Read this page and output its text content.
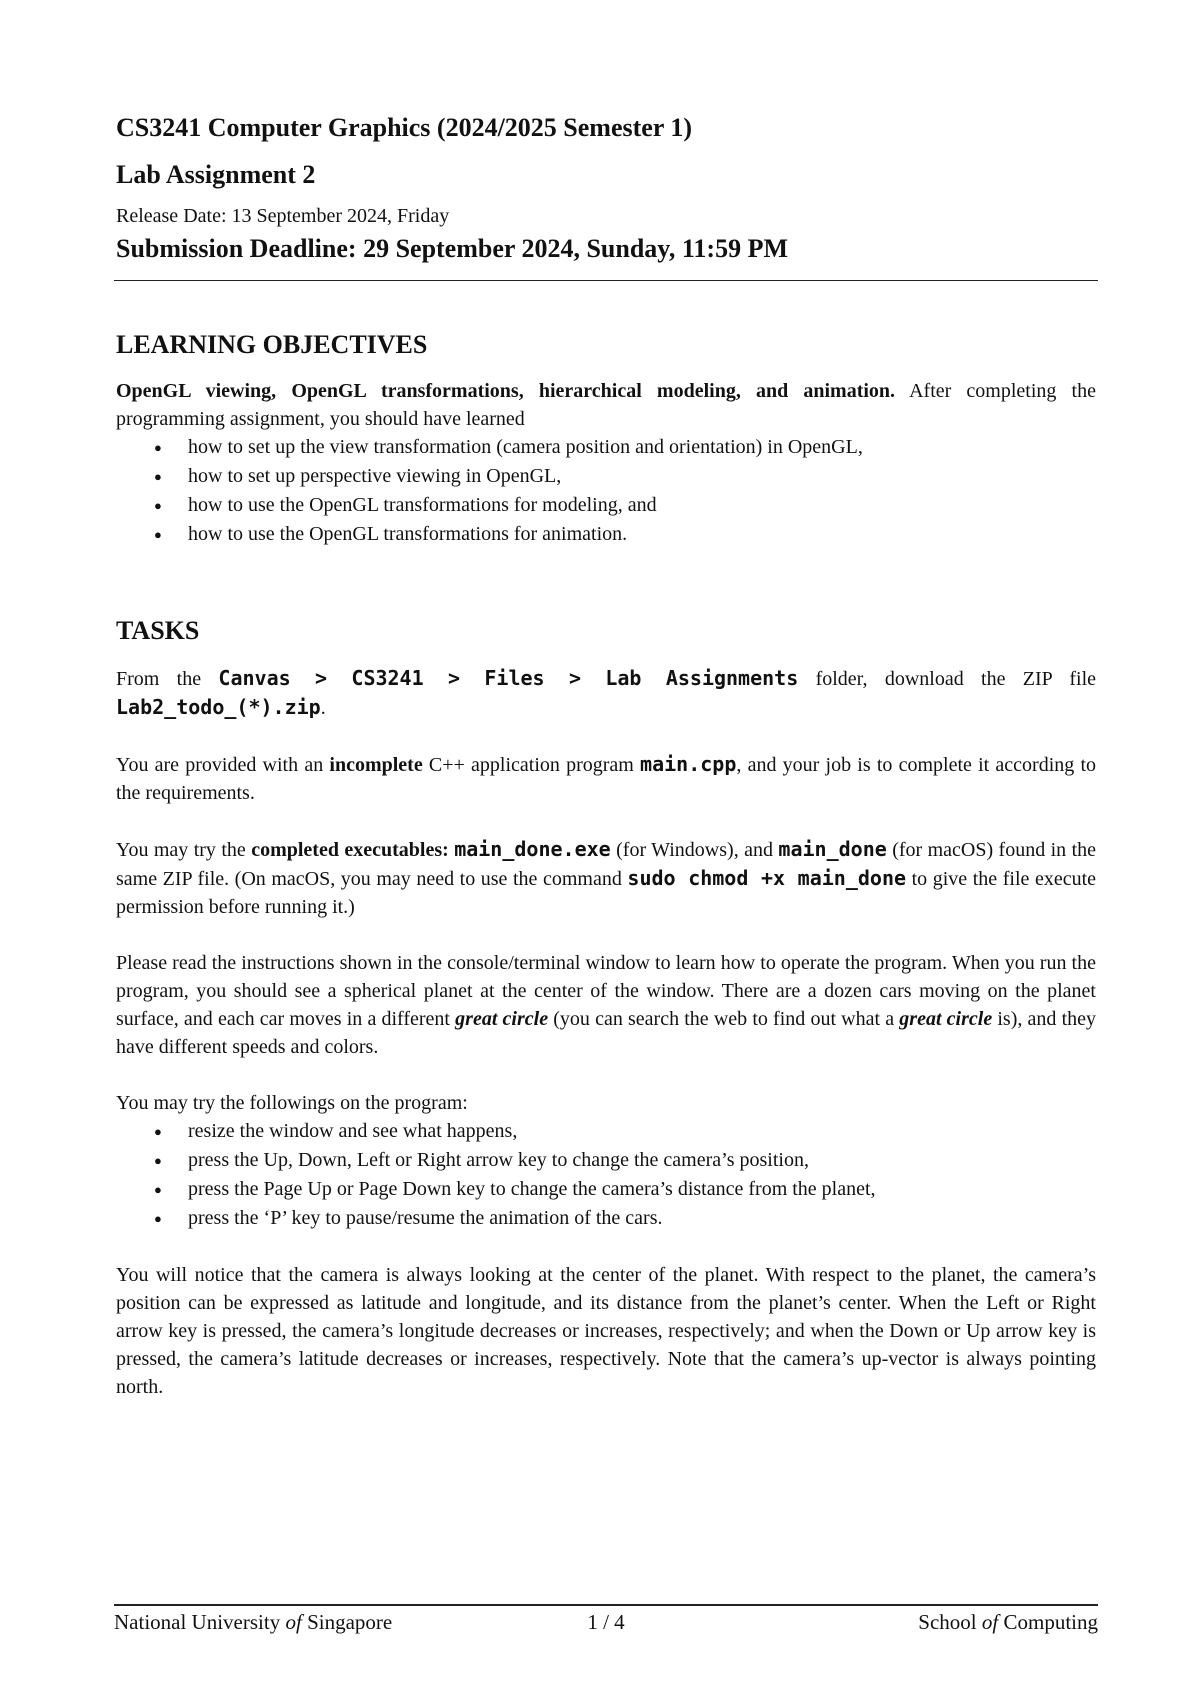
CS3241 Computer Graphics (2024/2025 Semester 1)
Lab Assignment 2
Release Date: 13 September 2024, Friday
Submission Deadline: 29 September 2024, Sunday, 11:59 PM
LEARNING OBJECTIVES

OpenGL viewing, OpenGL transformations, hierarchical modeling, and animation. After completing the programming assignment, you should have learned

● how to set up the view transformation (camera position and orientation) in OpenGL,
● how to set up perspective viewing in OpenGL,
● how to use the OpenGL transformations for modeling, and
● how to use the OpenGL transformations for animation.
TASKS

From the Canvas > CS3241 > Files > Lab Assignments folder, download the ZIP file Lab2_todo_(*).zip.

You are provided with an incomplete C++ application program main.cpp, and your job is to complete it according to the requirements.

You may try the completed executables: main_done.exe (for Windows), and main_done (for macOS) found in the same ZIP file. (On macOS, you may need to use the command sudo chmod +x main_done to give the file execute permission before running it.)

Please read the instructions shown in the console/terminal window to learn how to operate the program. When you run the program, you should see a spherical planet at the center of the window. There are a dozen cars moving on the planet surface, and each car moves in a different great circle (you can search the web to find out what a great circle is), and they have different speeds and colors.

You may try the followings on the program:

● resize the window and see what happens,
● press the Up, Down, Left or Right arrow key to change the camera’s position,
● press the Page Up or Page Down key to change the camera’s distance from the planet,
● press the ‘P’ key to pause/resume the animation of the cars.

You will notice that the camera is always looking at the center of the planet. With respect to the planet, the camera’s position can be expressed as latitude and longitude, and its distance from the planet’s center. When the Left or Right arrow key is pressed, the camera’s longitude decreases or increases, respectively; and when the Down or Up arrow key is pressed, the camera’s latitude decreases or increases, respectively. Note that the camera’s up-vector is always pointing north.

National University of Singapore	1 / 4	School of Computing
